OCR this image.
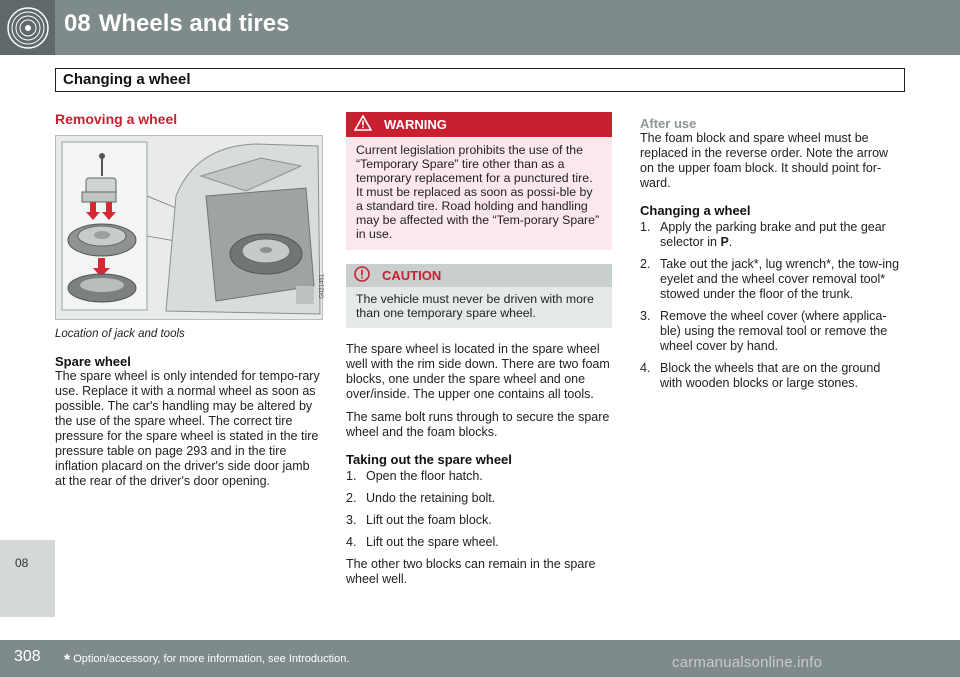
08 Wheels and tires
Changing a wheel
08
Removing a wheel
G021451
Location of jack and tools
Spare wheel

The spare wheel is only intended for tempo-rary use. Replace it with a normal wheel as soon as possible. The car's handling may be altered by the use of the spare wheel. The correct tire pressure for the spare wheel is stated in the tire pressure table on page 293 and in the tire inflation placard on the driver's side door jamb at the rear of the driver's door opening.

WARNING
Current legislation prohibits the use of the “Temporary Spare” tire other than as a temporary replacement for a punctured tire. It must be replaced as soon as possi-ble by a standard tire. Road holding and handling may be affected with the “Tem-porary Spare” in use.
CAUTION
The vehicle must never be driven with more than one temporary spare wheel.

The spare wheel is located in the spare wheel well with the rim side down. There are two foam blocks, one under the spare wheel and one over/inside. The upper one contains all tools.

The same bolt runs through to secure the spare wheel and the foam blocks.

Taking out the spare wheel
1. Open the floor hatch.
2. Undo the retaining bolt.
3. Lift out the foam block.
4. Lift out the spare wheel.

The other two blocks can remain in the spare wheel well.

After use

The foam block and spare wheel must be replaced in the reverse order. Note the arrow on the upper foam block. It should point for-ward.

Changing a wheel
1. Apply the parking brake and put the gear selector in P.
2. Take out the jack*, lug wrench*, the tow-ing eyelet and the wheel cover removal tool* stowed under the floor of the trunk.
3. Remove the wheel cover (where applica-ble) using the removal tool or remove the wheel cover by hand.
4. Block the wheels that are on the ground with wooden blocks or large stones.
308 * Option/accessory, for more information, see Introduction.	carmanualsonline.info
